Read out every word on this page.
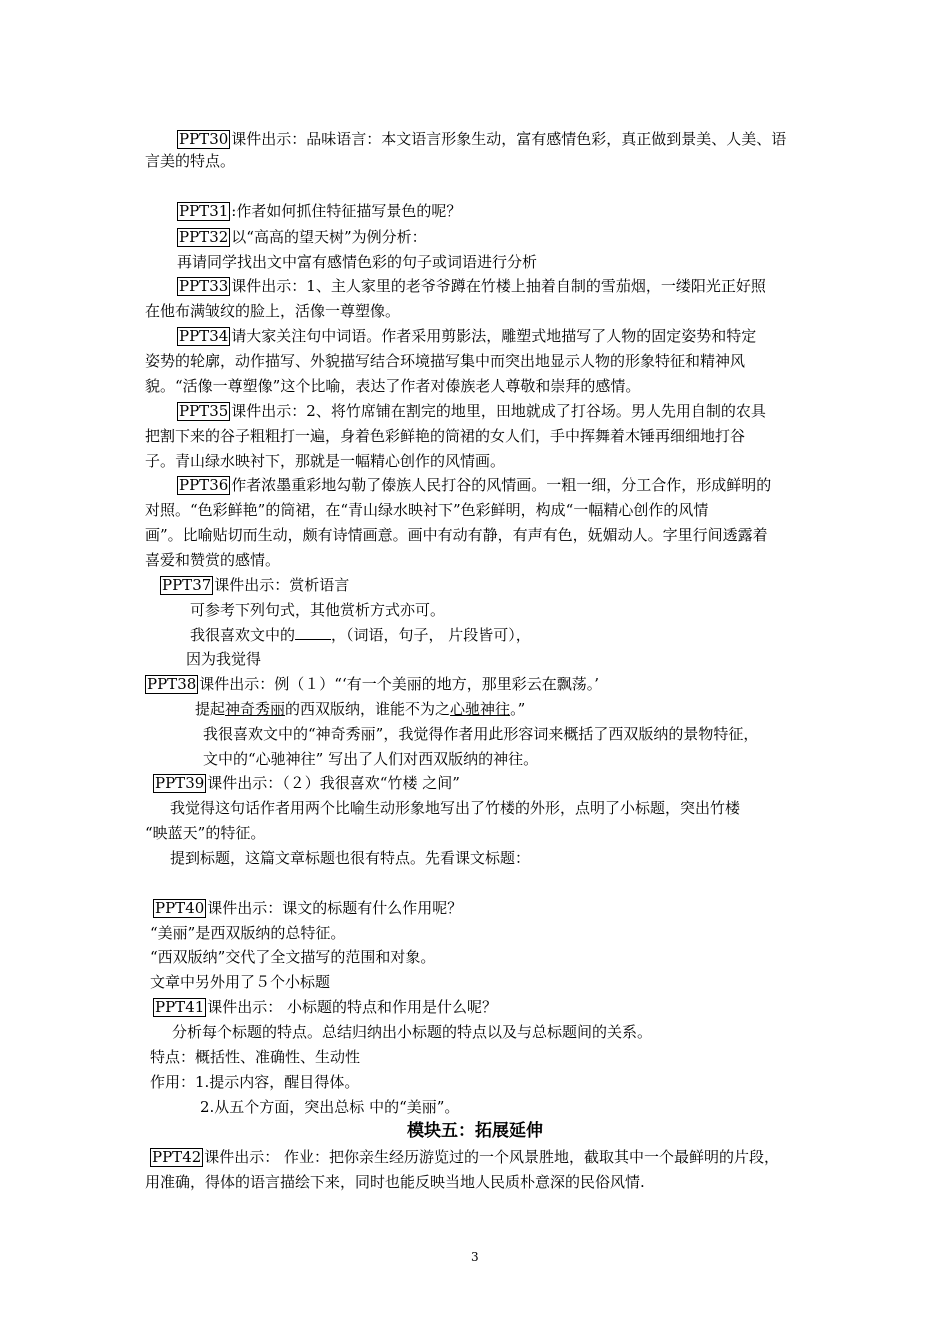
PPT30 课件出示：品味语言：本文语言形象生动，富有感情色彩，真正做到景美、人美、语
言美的特点。
PPT31 :作者如何抓住特征描写景色的呢？
PPT32 以“高高的望天树”为例分析：
再请同学找出文中富有感情色彩的句子或词语进行分析
PPT33 课件出示：1、主人家里的老爷爷蹲在竹楼上抽着自制的雪茄烟，一缕阳光正好照
在他布满皱纹的脸上，活像一尊塑像。
PPT34 请大家关注句中词语。作者采用剪影法，雕塑式地描写了人物的固定姿势和特定
姿势的轮廓，动作描写、外貌描写结合环境描写集中而突出地显示人物的形象特征和精神风
貌。“活像一尊塑像”这个比喻，表达了作者对傣族老人尊敬和崇拜的感情。
PPT35 课件出示：2、将竹席铺在割完的地里，田地就成了打谷场。男人先用自制的农具
把割下来的谷子粗粗打一遍，身着色彩鲜艳的筒裙的女人们，手中挥舞着木锤再细细地打谷
子。青山绿水映衬下，那就是一幅精心创作的风情画。
PPT36 作者浓墨重彩地勾勒了傣族人民打谷的风情画。一粗一细，分工合作，形成鲜明的
对照。“色彩鲜艳”的筒裙，在“青山绿水映衬下”色彩鲜明，构成“一幅精心创作的风情
画”。比喻贴切而生动，颇有诗情画意。画中有动有静，有声有色，妩媚动人。字里行间透露着
喜爱和赞赏的感情。
PPT37 课件出示：赏析语言
可参考下列句式，其他赏析方式亦可。
我很喜欢文中的 ，（词语，句子， 片段皆可），
因为我觉得
PPT38 课件出示：例（１）“‘有一个美丽的地方，那里彩云在飘荡。’
提起神奇秀丽的西双版纳，谁能不为之心驰神往。”
我很喜欢文中的“神奇秀丽”，我觉得作者用此形容词来概括了西双版纳的景物特征，
文中的“心驰神往” 写出了人们对西双版纳的神往。
PPT39 课件出示：（２）我很喜欢“竹楼 之间”
我觉得这句话作者用两个比喻生动形象地写出了竹楼的外形，点明了小标题，突出竹楼
“映蓝天”的特征。
提到标题，这篇文章标题也很有特点。先看课文标题：
PPT40 课件出示：课文的标题有什么作用呢？
“美丽”是西双版纳的总特征。
“西双版纳”交代了全文描写的范围和对象。
文章中另外用了５个小标题
PPT41 课件出示： 小标题的特点和作用是什么呢？
分析每个标题的特点。总结归纳出小标题的特点以及与总标题间的关系。
特点：概括性、准确性、生动性
作用：1.提示内容，醒目得体。
2.从五个方面，突出总标 中的“美丽”。
模块五：拓展延伸
PPT42 课件出示： 作业：把你亲生经历游览过的一个风景胜地，截取其中一个最鲜明的片段，
用准确，得体的语言描绘下来，同时也能反映当地人民质朴意深的民俗风情.
3
